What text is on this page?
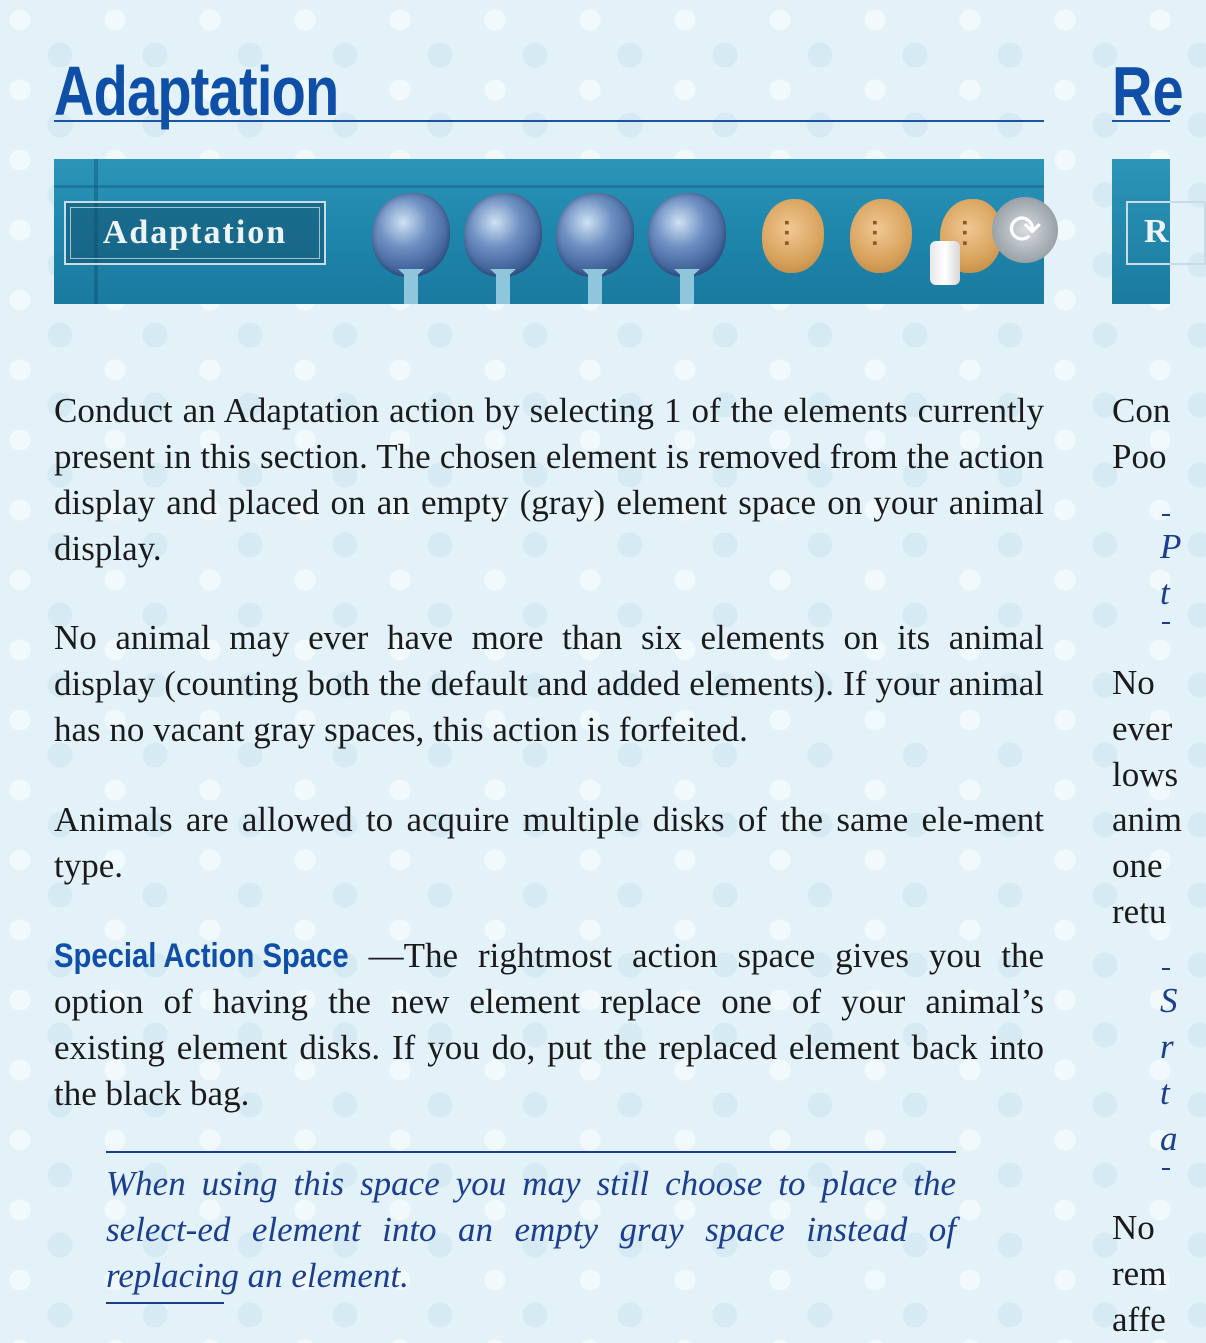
Adaptation
Adaptation ⫶ ⫶ ⫶	⟳

Conduct an Adaptation action by selecting 1 of the elements currently present in this section. The chosen element is removed from the action display and placed on an empty (gray) element space on your animal display.

No animal may ever have more than six elements on its animal display (counting both the default and added elements). If your animal has no vacant gray spaces, this action is forfeited.

Animals are allowed to acquire multiple disks of the same ele-ment type.

Special Action Space —The rightmost action space gives you the option of having the new element replace one of your animal’s existing element disks. If you do, put the replaced element back into the black bag.

When using this space you may still choose to place the select-ed element into an empty gray space instead of replacing an element.

Re
R
Con
Poo
P
t
No
ever
lows
anim
one
retu
S
r
t
a
No
rem
affe
